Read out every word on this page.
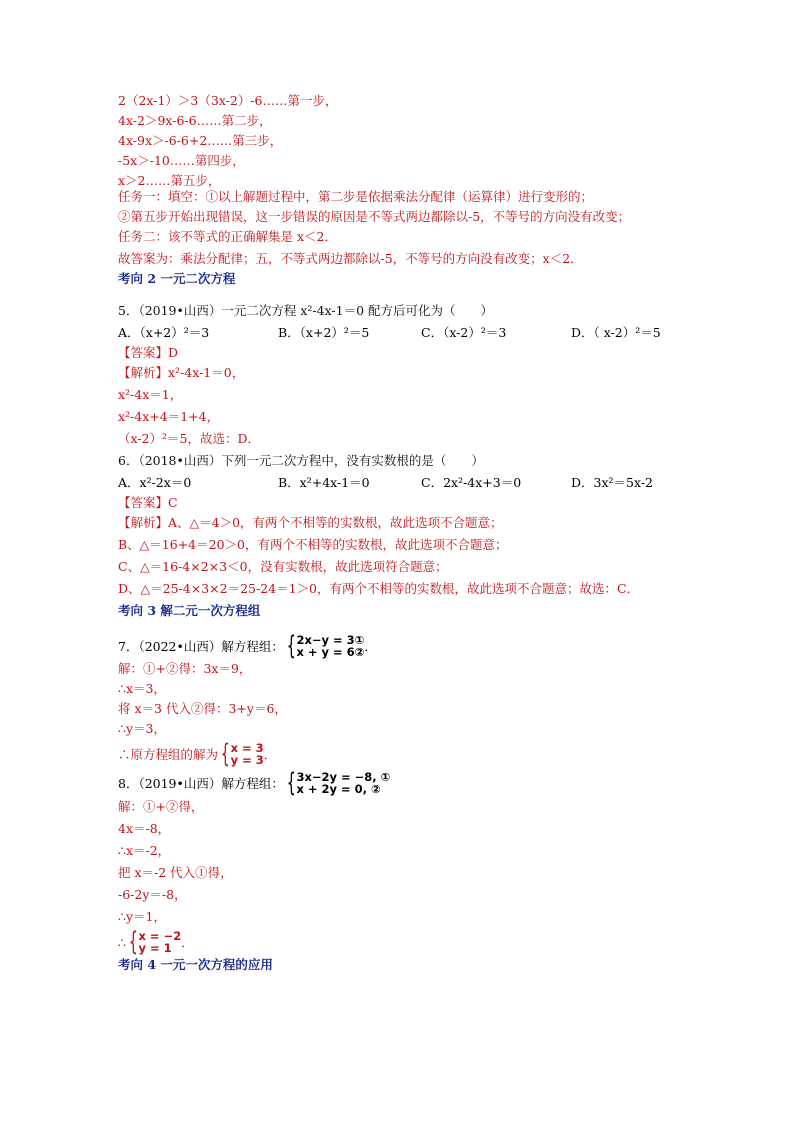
2（2x-1）＞3（3x-2）-6……第一步，
4x-2＞9x-6-6……第二步，
4x-9x＞-6-6+2……第三步，
-5x＞-10……第四步，
x＞2……第五步，
任务一：填空：①以上解题过程中，第二步是依据乘法分配律（运算律）进行变形的；
②第五步开始出现错误，这一步错误的原因是不等式两边都除以-5，不等号的方向没有改变；
任务二：该不等式的正确解集是 x＜2．
故答案为：乘法分配律；五，不等式两边都除以-5，不等号的方向没有改变；x＜2．
考向 2 一元二次方程
5．（2019•山西）一元二次方程 x²-4x-1＝0 配方后可化为（　　）
A．（x+2）²＝3	B．（x+2）²＝5	C．（x-2）²＝3	D．（ x-2）²＝5
【答案】D
【解析】x²-4x-1＝0，
x²-4x＝1，
x²-4x+4＝1+4，
（x-2）²＝5，故选：D．
6．（2018•山西）下列一元二次方程中，没有实数根的是（　　）
A．x²-2x＝0	B．x²+4x-1＝0	C．2x²-4x+3＝0	D．3x²＝5x-2
【答案】C
【解析】A、△＝4＞0，有两个不相等的实数根，故此选项不合题意；
B、△＝16+4＝20＞0，有两个不相等的实数根，故此选项不合题意；
C、△＝16-4×2×3＜0，没有实数根，故此选项符合题意；
D、△＝25-4×3×2＝25-24＝1＞0，有两个不相等的实数根，故此选项不合题意；故选：C．
考向 3 解二元一次方程组
7．（2022•山西）解方程组： { 2x−y = 3①
x + y = 6② ．
解：①+②得：3x＝9，
∴x＝3，
将 x＝3 代入②得：3+y＝6，
∴y＝3，
∴原方程组的解为 { x = 3
y = 3 ．
8．（2019•山西）解方程组： { 3x−2y = −8, ①
x + 2y = 0, ②
解：①+②得，
4x＝-8，
∴x＝-2，
把 x＝-2 代入①得，
-6-2y＝-8，
∴y＝1，
∴ { x = −2
y = 1 ．
考向 4 一元一次方程的应用
